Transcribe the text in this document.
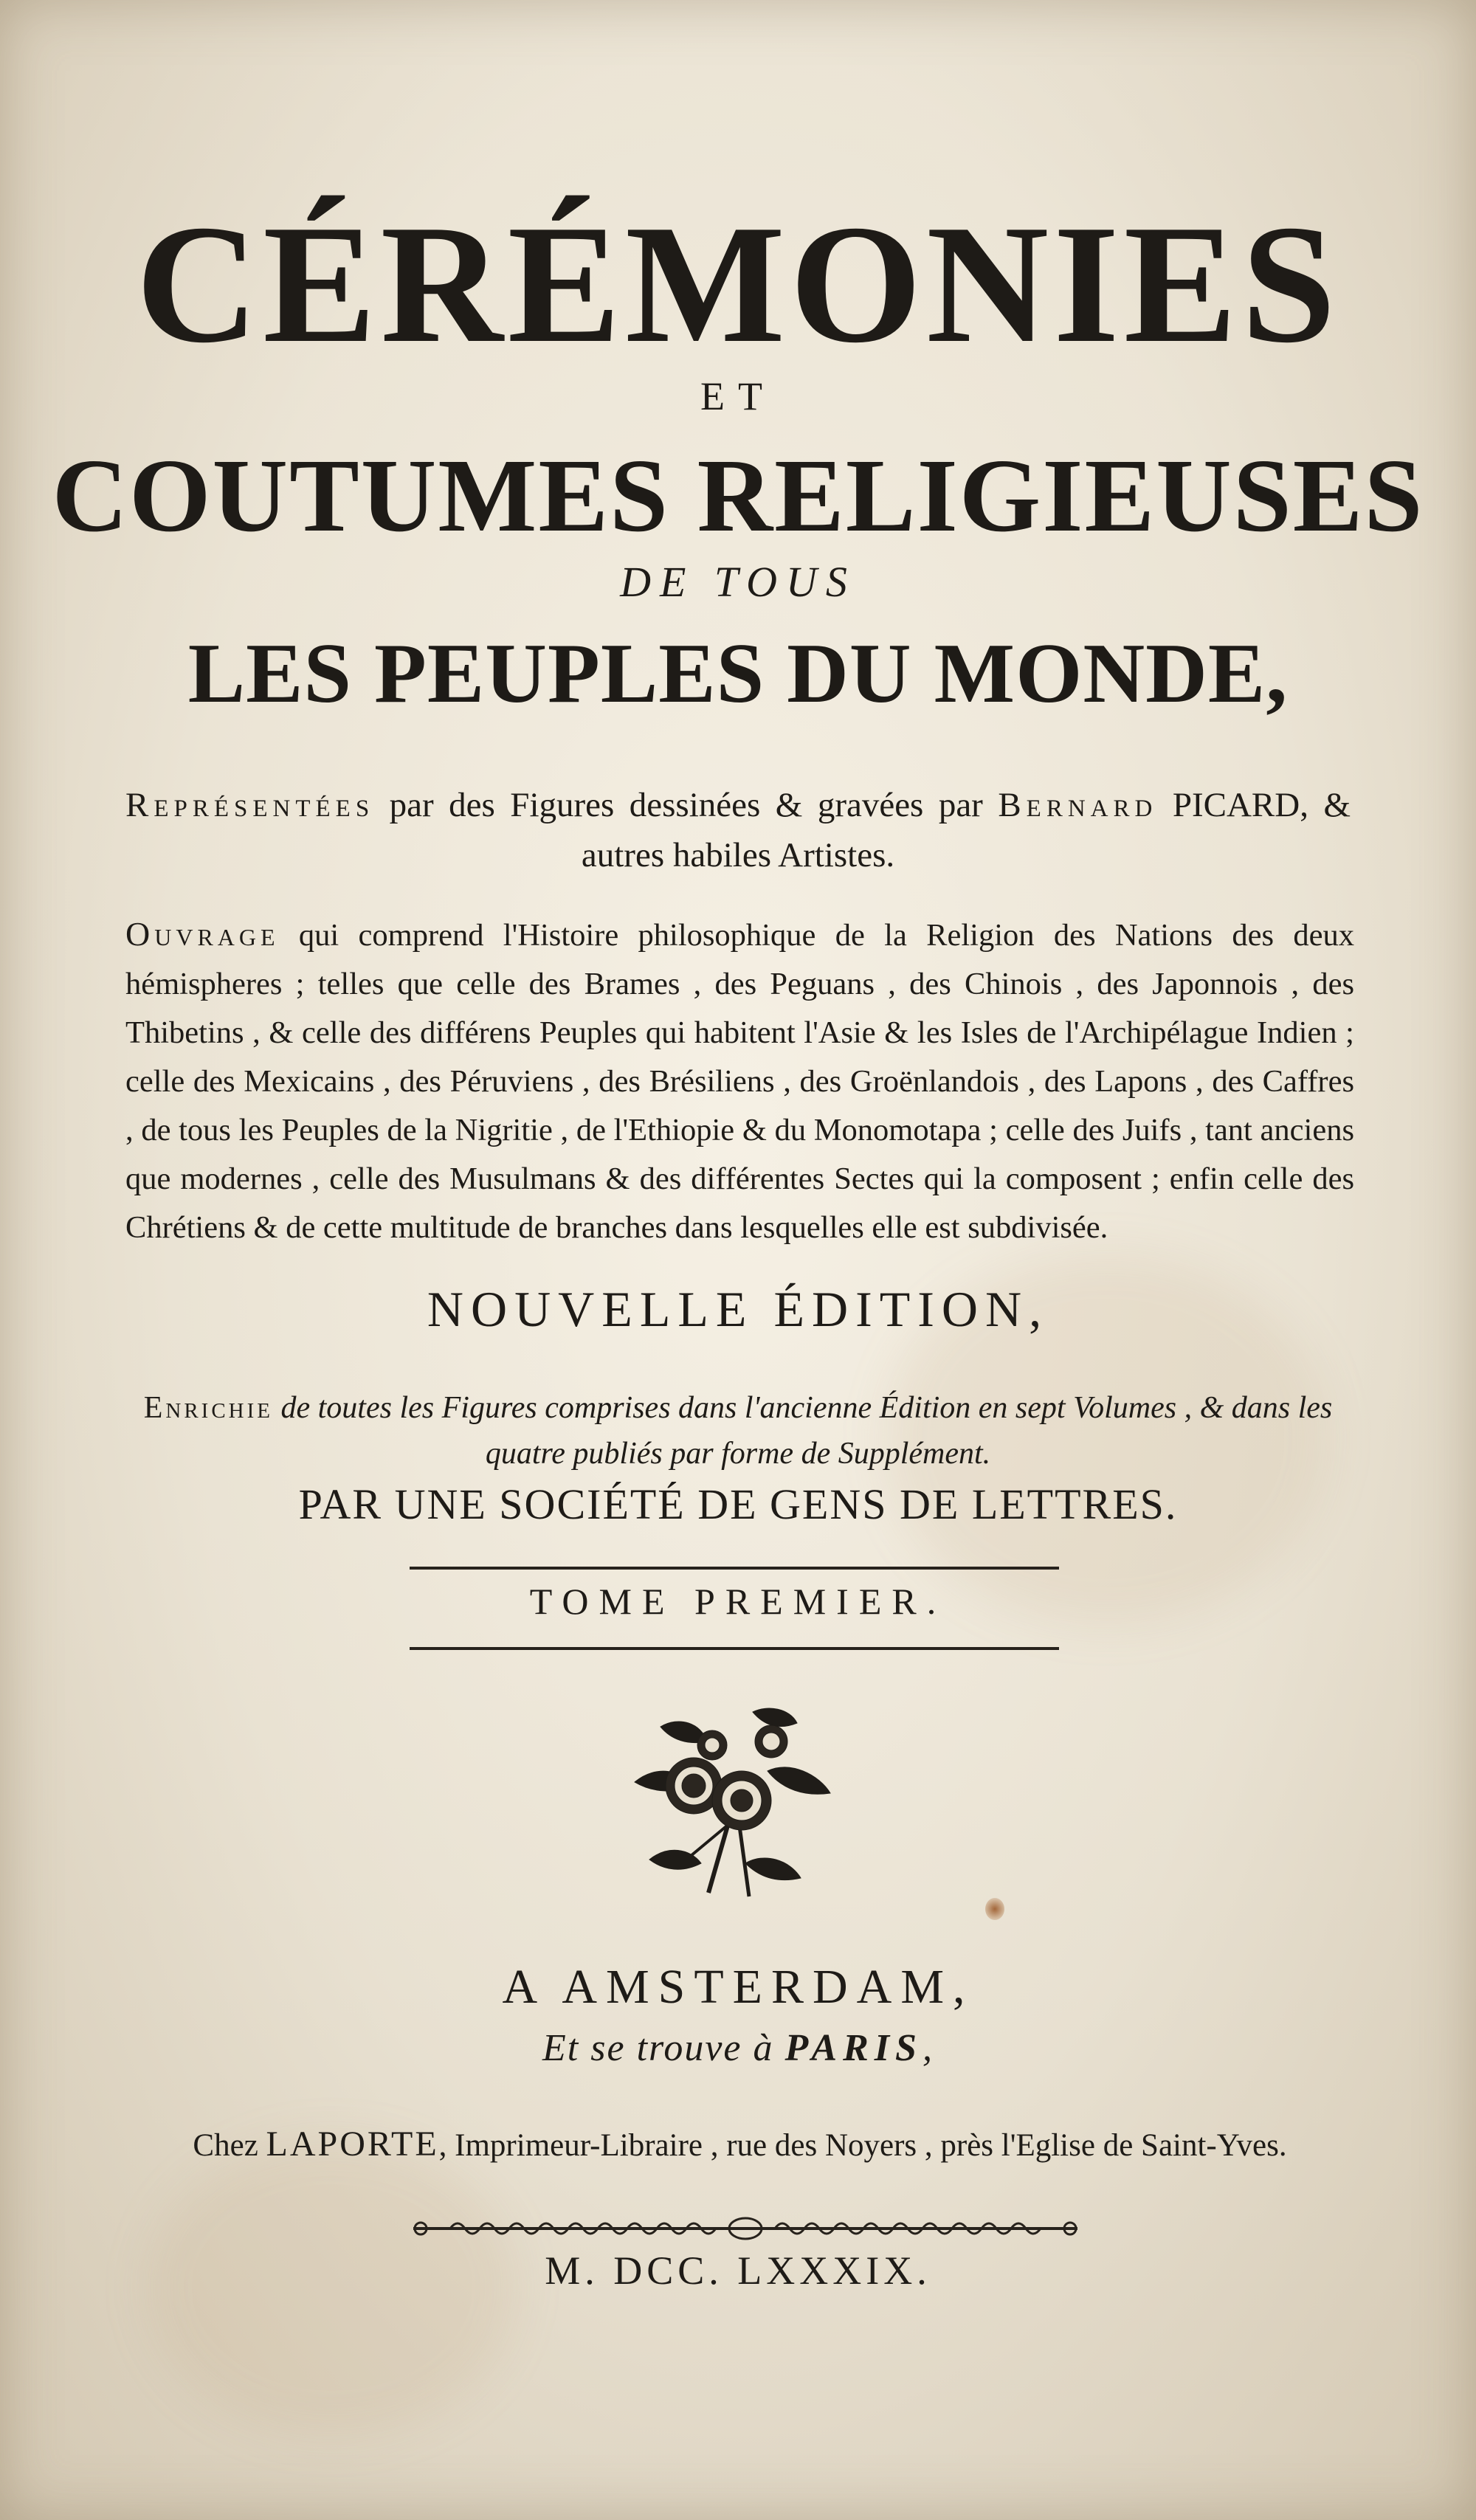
CÉRÉMONIES
ET
COUTUMES RELIGIEUSES
DE TOUS
LES PEUPLES DU MONDE,

Représentées par des Figures dessinées & gravées par Bernard PICARD, & autres habiles Artistes.

Ouvrage qui comprend l'Histoire philosophique de la Religion des Nations des deux hémispheres ; telles que celle des Brames , des Peguans , des Chinois , des Japonnois , des Thibetins , & celle des différens Peuples qui habitent l'Asie & les Isles de l'Archipélague Indien ; celle des Mexicains , des Péruviens , des Brésiliens , des Groënlandois , des Lapons , des Caffres , de tous les Peuples de la Nigritie , de l'Ethiopie & du Monomotapa ; celle des Juifs , tant anciens que modernes , celle des Musulmans & des différentes Sectes qui la composent ; enfin celle des Chrétiens & de cette multitude de branches dans lesquelles elle est subdivisée.

NOUVELLE ÉDITION,

Enrichie de toutes les Figures comprises dans l'ancienne Édition en sept Volumes , & dans les quatre publiés par forme de Supplément.

PAR UNE SOCIÉTÉ DE GENS DE LETTRES.
TOME PREMIER.
A AMSTERDAM,
Et se trouve à PARIS,

Chez LAPORTE, Imprimeur-Libraire , rue des Noyers , près l'Eglise de Saint-Yves.

M. DCC. LXXXIX.
